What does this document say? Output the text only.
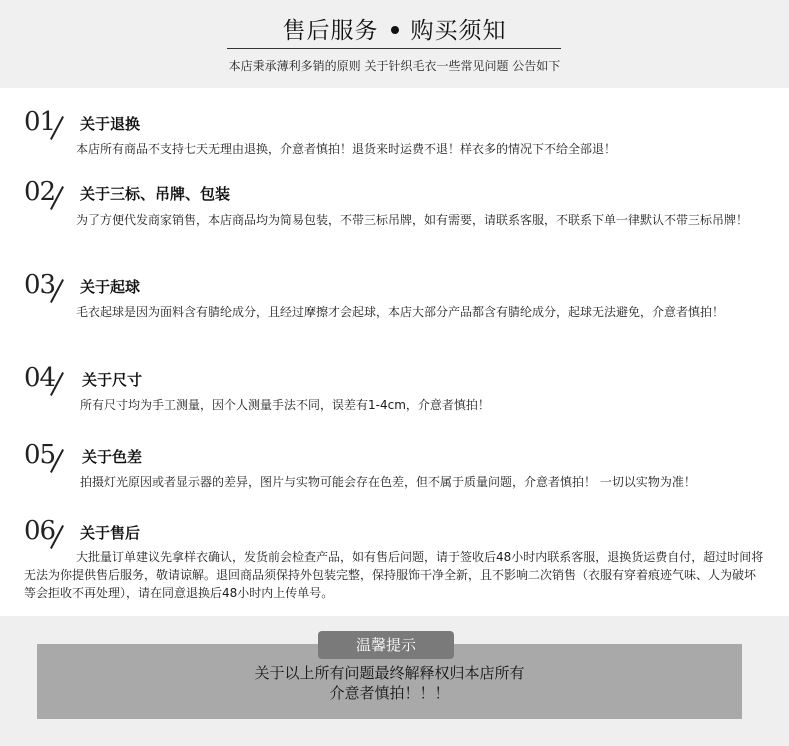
售后服务 购买须知
本店秉承薄利多销的原则 关于针织毛衣一些常见问题 公告如下
01 关于退换
本店所有商品不支持七天无理由退换，介意者慎拍！退货来时运费不退！样衣多的情况下不给全部退！
02 关于三标、吊牌、包装
为了方便代发商家销售，本店商品均为简易包装，不带三标吊牌，如有需要，请联系客服，不联系下单一律默认不带三标吊牌！
03 关于起球
毛衣起球是因为面料含有腈纶成分，且经过摩擦才会起球，本店大部分产品都含有腈纶成分，起球无法避免，介意者慎拍！
04 关于尺寸
所有尺寸均为手工测量，因个人测量手法不同，误差有1-4cm，介意者慎拍！
05 关于色差
拍摄灯光原因或者显示器的差异，图片与实物可能会存在色差，但不属于质量问题，介意者慎拍！ 一切以实物为准！
06 关于售后
大批量订单建议先拿样衣确认，发货前会检查产品，如有售后问题，请于签收后48小时内联系客服，退换货运费自付，超过时间将无法为你提供售后服务，敬请谅解。退回商品须保持外包装完整，保持服饰干净全新，且不影响二次销售（衣服有穿着痕迹气味、人为破坏等会拒收不再处理），请在同意退换后48小时内上传单号。
温馨提示
关于以上所有问题最终解释权归本店所有
介意者慎拍！！！
